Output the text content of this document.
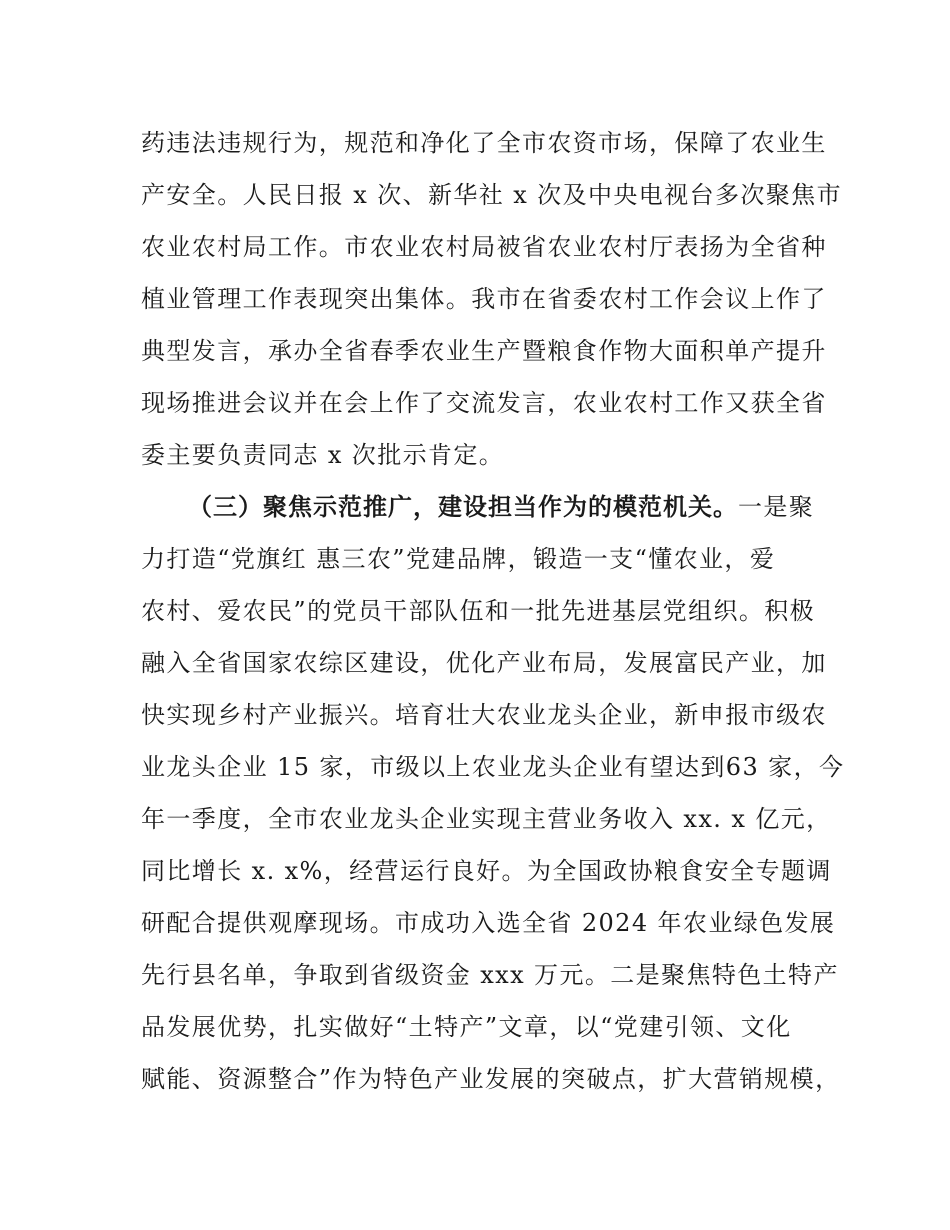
药违法违规行为，规范和净化了全市农资市场，保障了农业生
产安全。人民日报 x 次、新华社 x 次及中央电视台多次聚焦市
农业农村局工作。市农业农村局被省农业农村厅表扬为全省种
植业管理工作表现突出集体。我市在省委农村工作会议上作了
典型发言，承办全省春季农业生产暨粮食作物大面积单产提升
现场推进会议并在会上作了交流发言，农业农村工作又获全省
委主要负责同志 x 次批示肯定。
（三）聚焦示范推广，建设担当作为的模范机关。一是聚
力打造“党旗红 惠三农”党建品牌，锻造一支“懂农业，爱
农村、爱农民”的党员干部队伍和一批先进基层党组织。积极
融入全省国家农综区建设，优化产业布局，发展富民产业，加
快实现乡村产业振兴。培育壮大农业龙头企业，新申报市级农
业龙头企业 15 家，市级以上农业龙头企业有望达到63 家，今
年一季度，全市农业龙头企业实现主营业务收入 xx. x 亿元，
同比增长 x. x%，经营运行良好。为全国政协粮食安全专题调
研配合提供观摩现场。市成功入选全省 2024 年农业绿色发展
先行县名单，争取到省级资金 xxx 万元。二是聚焦特色土特产
品发展优势，扎实做好“土特产”文章，以“党建引领、文化
赋能、资源整合”作为特色产业发展的突破点，扩大营销规模，
